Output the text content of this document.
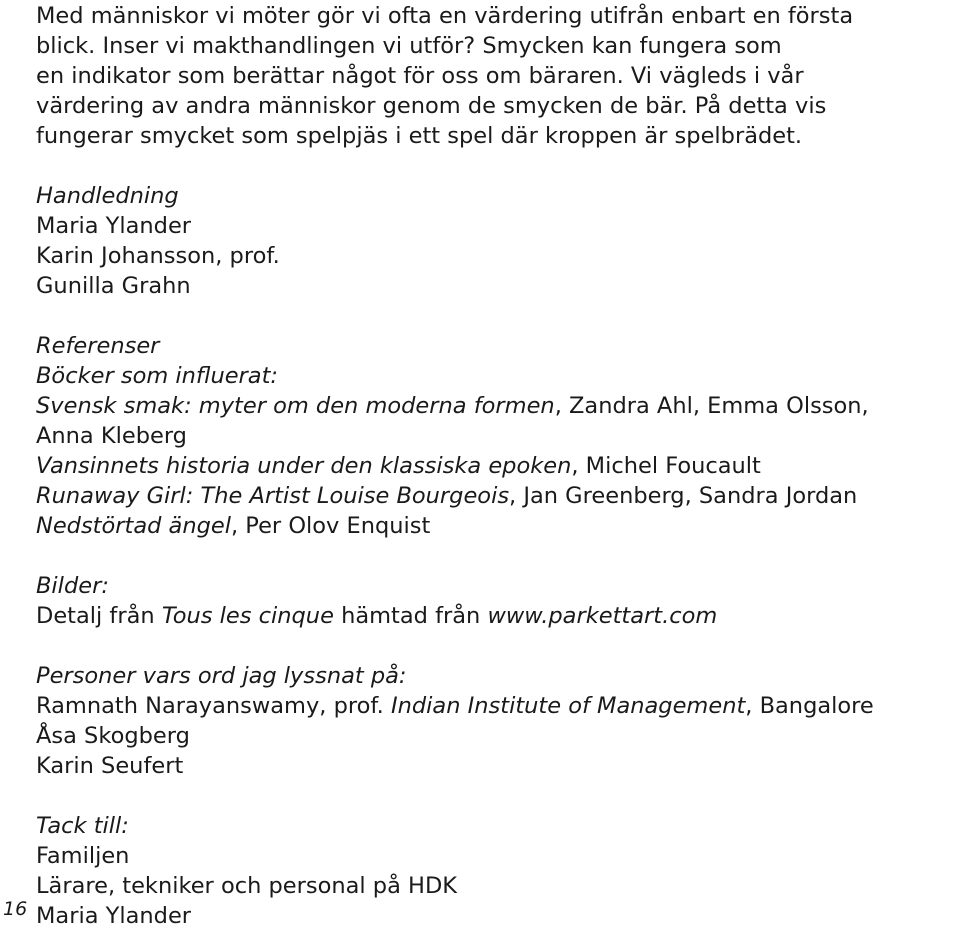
Med människor vi möter gör vi ofta en värdering utifrån enbart en första
blick. Inser vi makthandlingen vi utför? Smycken kan fungera som
en indikator som berättar något för oss om bäraren. Vi vägleds i vår
värdering av andra människor genom de smycken de bär. På detta vis
fungerar smycket som spelpjäs i ett spel där kroppen är spelbrädet.
Handledning
Maria Ylander
Karin Johansson, prof.
Gunilla Grahn
Referenser
Böcker som influerat:
Svensk smak: myter om den moderna formen, Zandra Ahl, Emma Olsson,
Anna Kleberg
Vansinnets historia under den klassiska epoken, Michel Foucault
Runaway Girl: The Artist Louise Bourgeois, Jan Greenberg, Sandra Jordan
Nedstörtad ängel, Per Olov Enquist
Bilder:
Detalj från Tous les cinque hämtad från www.parkettart.com
Personer vars ord jag lyssnat på:
Ramnath Narayanswamy, prof. Indian Institute of Management, Bangalore
Åsa Skogberg
Karin Seufert
Tack till:
Familjen
Lärare, tekniker och personal på HDK
Maria Ylander
16
